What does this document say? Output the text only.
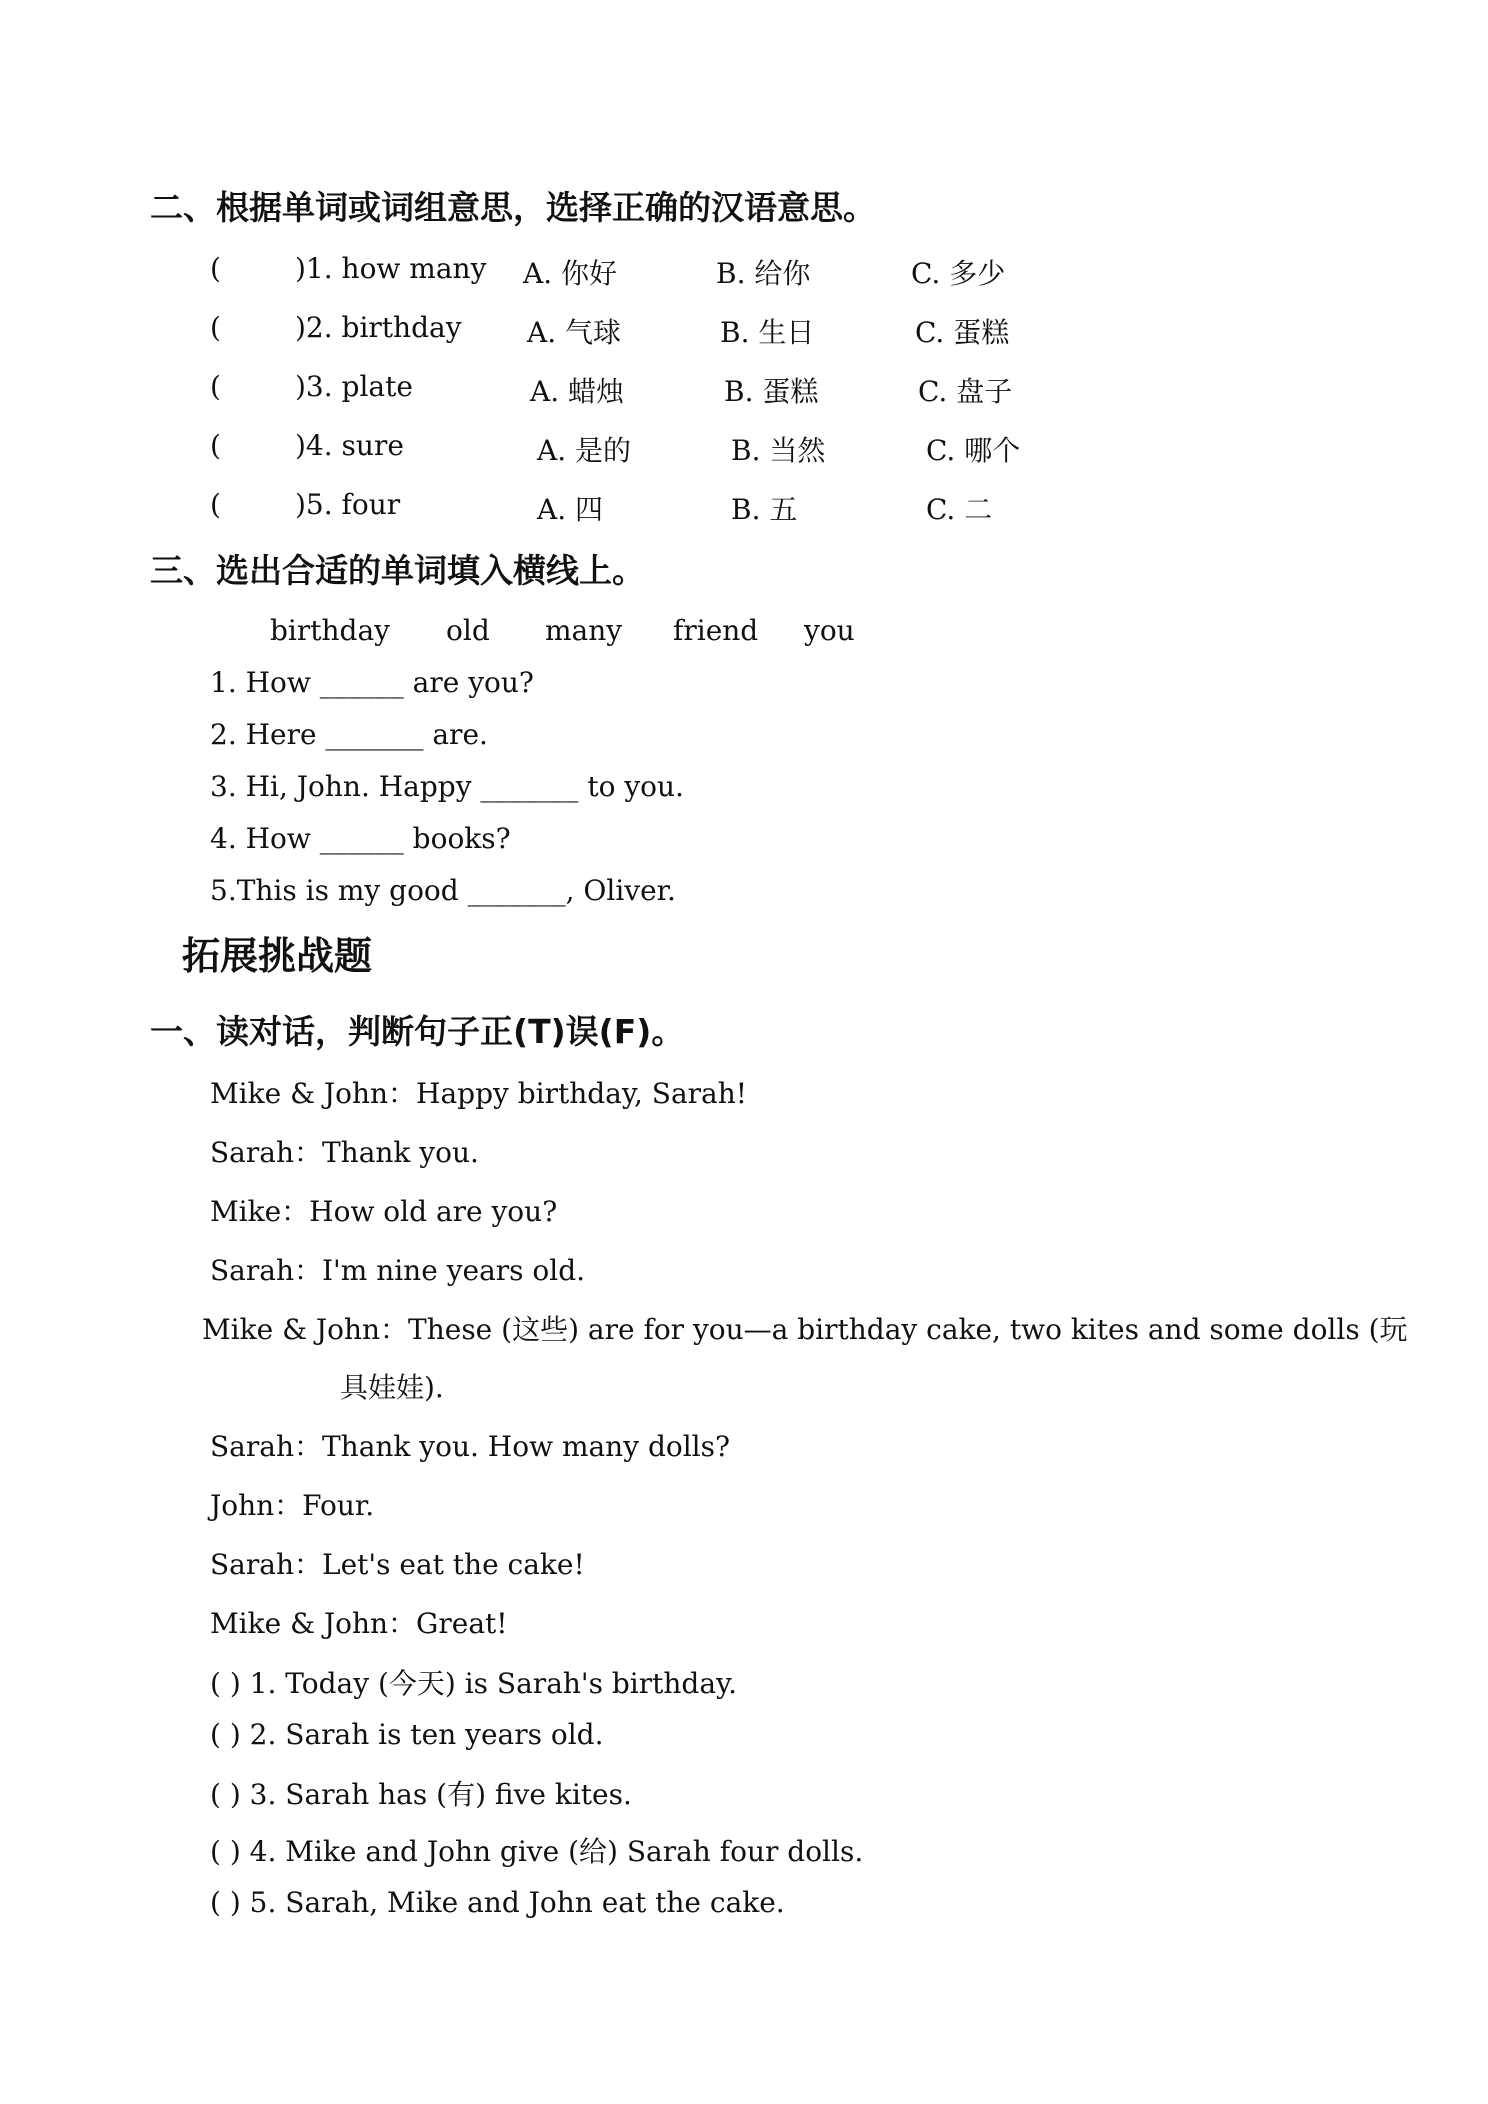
二、根据单词或词组意思，选择正确的汉语意思。
(	)1. how many A. 你好	B. 给你	C. 多少
(	)2. birthday A. 气球	B. 生日	C. 蛋糕
(	)3. plate	A. 蜡烛	B. 蛋糕	C. 盘子
(	)4. sure	A. 是的	B. 当然	C. 哪个
(	)5. four	A. 四	B. 五	C. 二
三、选出合适的单词填入横线上。
birthday old many friend you
1. How ______ are you?
2. Here _______ are.
3. Hi, John. Happy _______ to you.
4. How ______ books?
5.This is my good _______, Oliver.
拓展挑战题
一、读对话，判断句子正(T)误(F)。
Mike & John：Happy birthday, Sarah!
Sarah：Thank you.
Mike：How old are you?
Sarah：I'm nine years old.
Mike & John：These (这些) are for you—a birthday cake, two kites and some dolls (玩
具娃娃).
Sarah：Thank you. How many dolls?
John：Four.
Sarah：Let's eat the cake!
Mike & John：Great!
( ) 1. Today (今天) is Sarah's birthday.
( ) 2. Sarah is ten years old.
( ) 3. Sarah has (有) five kites.
( ) 4. Mike and John give (给) Sarah four dolls.
( ) 5. Sarah, Mike and John eat the cake.
